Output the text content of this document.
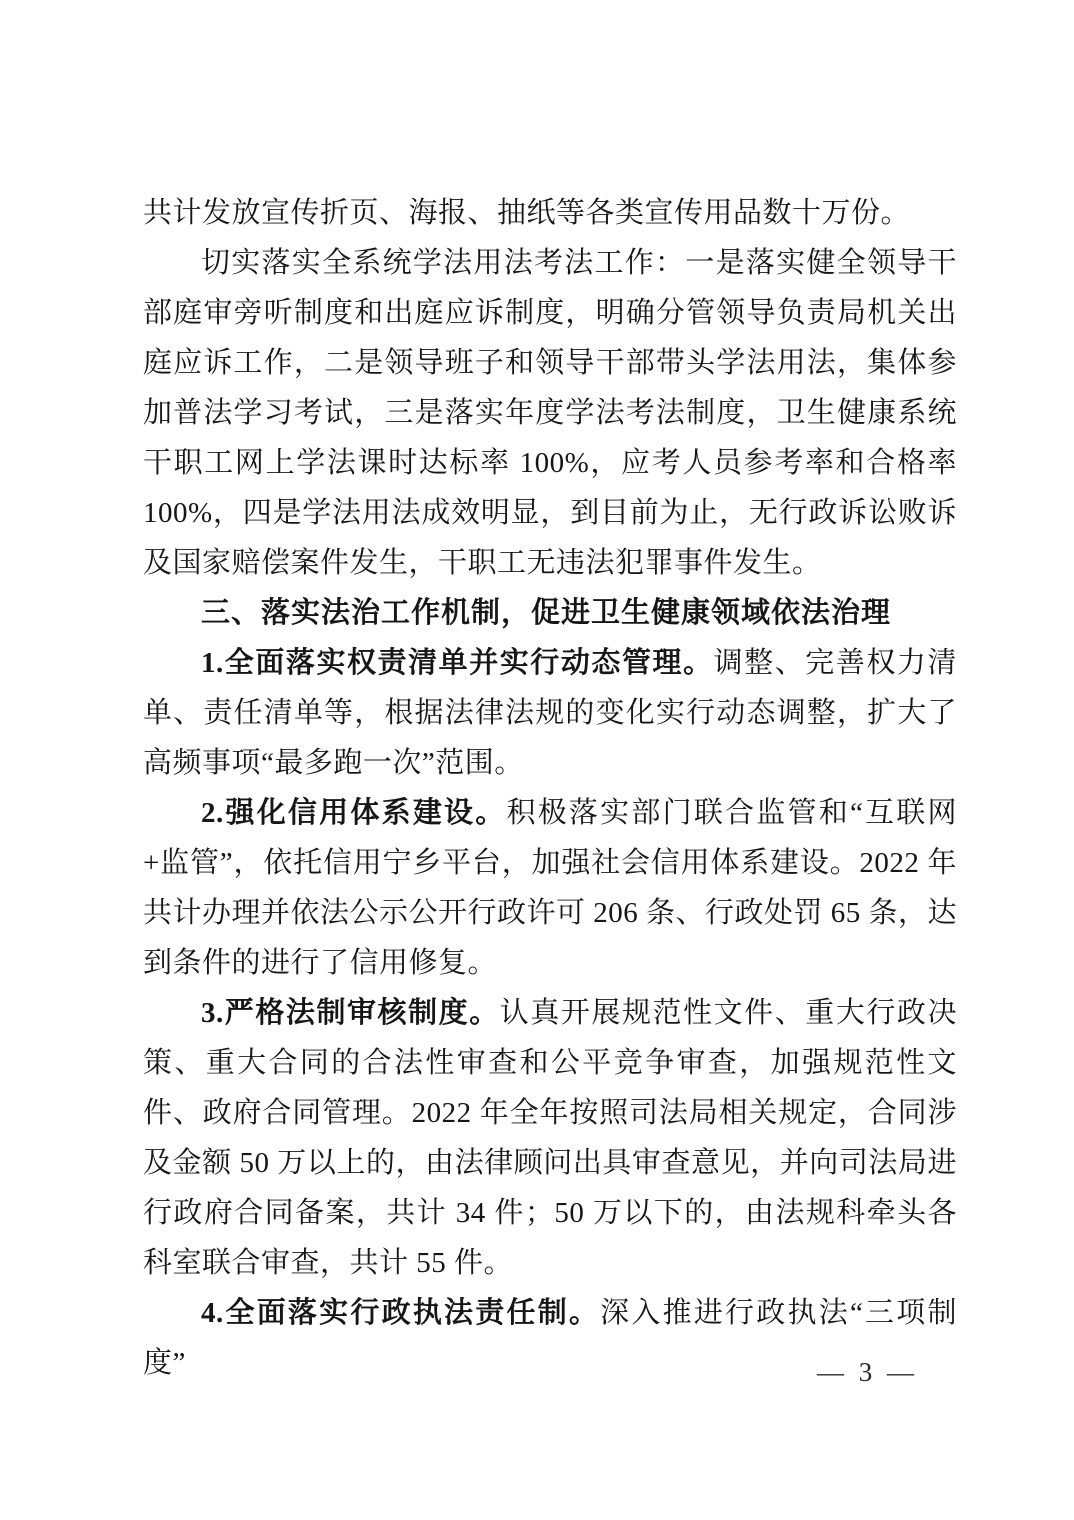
共计发放宣传折页、海报、抽纸等各类宣传用品数十万份。

切实落实全系统学法用法考法工作：一是落实健全领导干部庭审旁听制度和出庭应诉制度，明确分管领导负责局机关出庭应诉工作，二是领导班子和领导干部带头学法用法，集体参加普法学习考试，三是落实年度学法考法制度，卫生健康系统干职工网上学法课时达标率 100%，应考人员参考率和合格率 100%，四是学法用法成效明显，到目前为止，无行政诉讼败诉及国家赔偿案件发生，干职工无违法犯罪事件发生。

三、落实法治工作机制，促进卫生健康领域依法治理

1.全面落实权责清单并实行动态管理。调整、完善权力清单、责任清单等，根据法律法规的变化实行动态调整，扩大了高频事项“最多跑一次”范围。

2.强化信用体系建设。积极落实部门联合监管和“互联网+监管”，依托信用宁乡平台，加强社会信用体系建设。2022 年共计办理并依法公示公开行政许可 206 条、行政处罚 65 条，达到条件的进行了信用修复。

3.严格法制审核制度。认真开展规范性文件、重大行政决策、重大合同的合法性审查和公平竞争审查，加强规范性文件、政府合同管理。2022 年全年按照司法局相关规定，合同涉及金额 50 万以上的，由法律顾问出具审查意见，并向司法局进行政府合同备案，共计 34 件；50 万以下的，由法规科牵头各科室联合审查，共计 55 件。

4.全面落实行政执法责任制。深入推进行政执法“三项制度”	— 3 —
